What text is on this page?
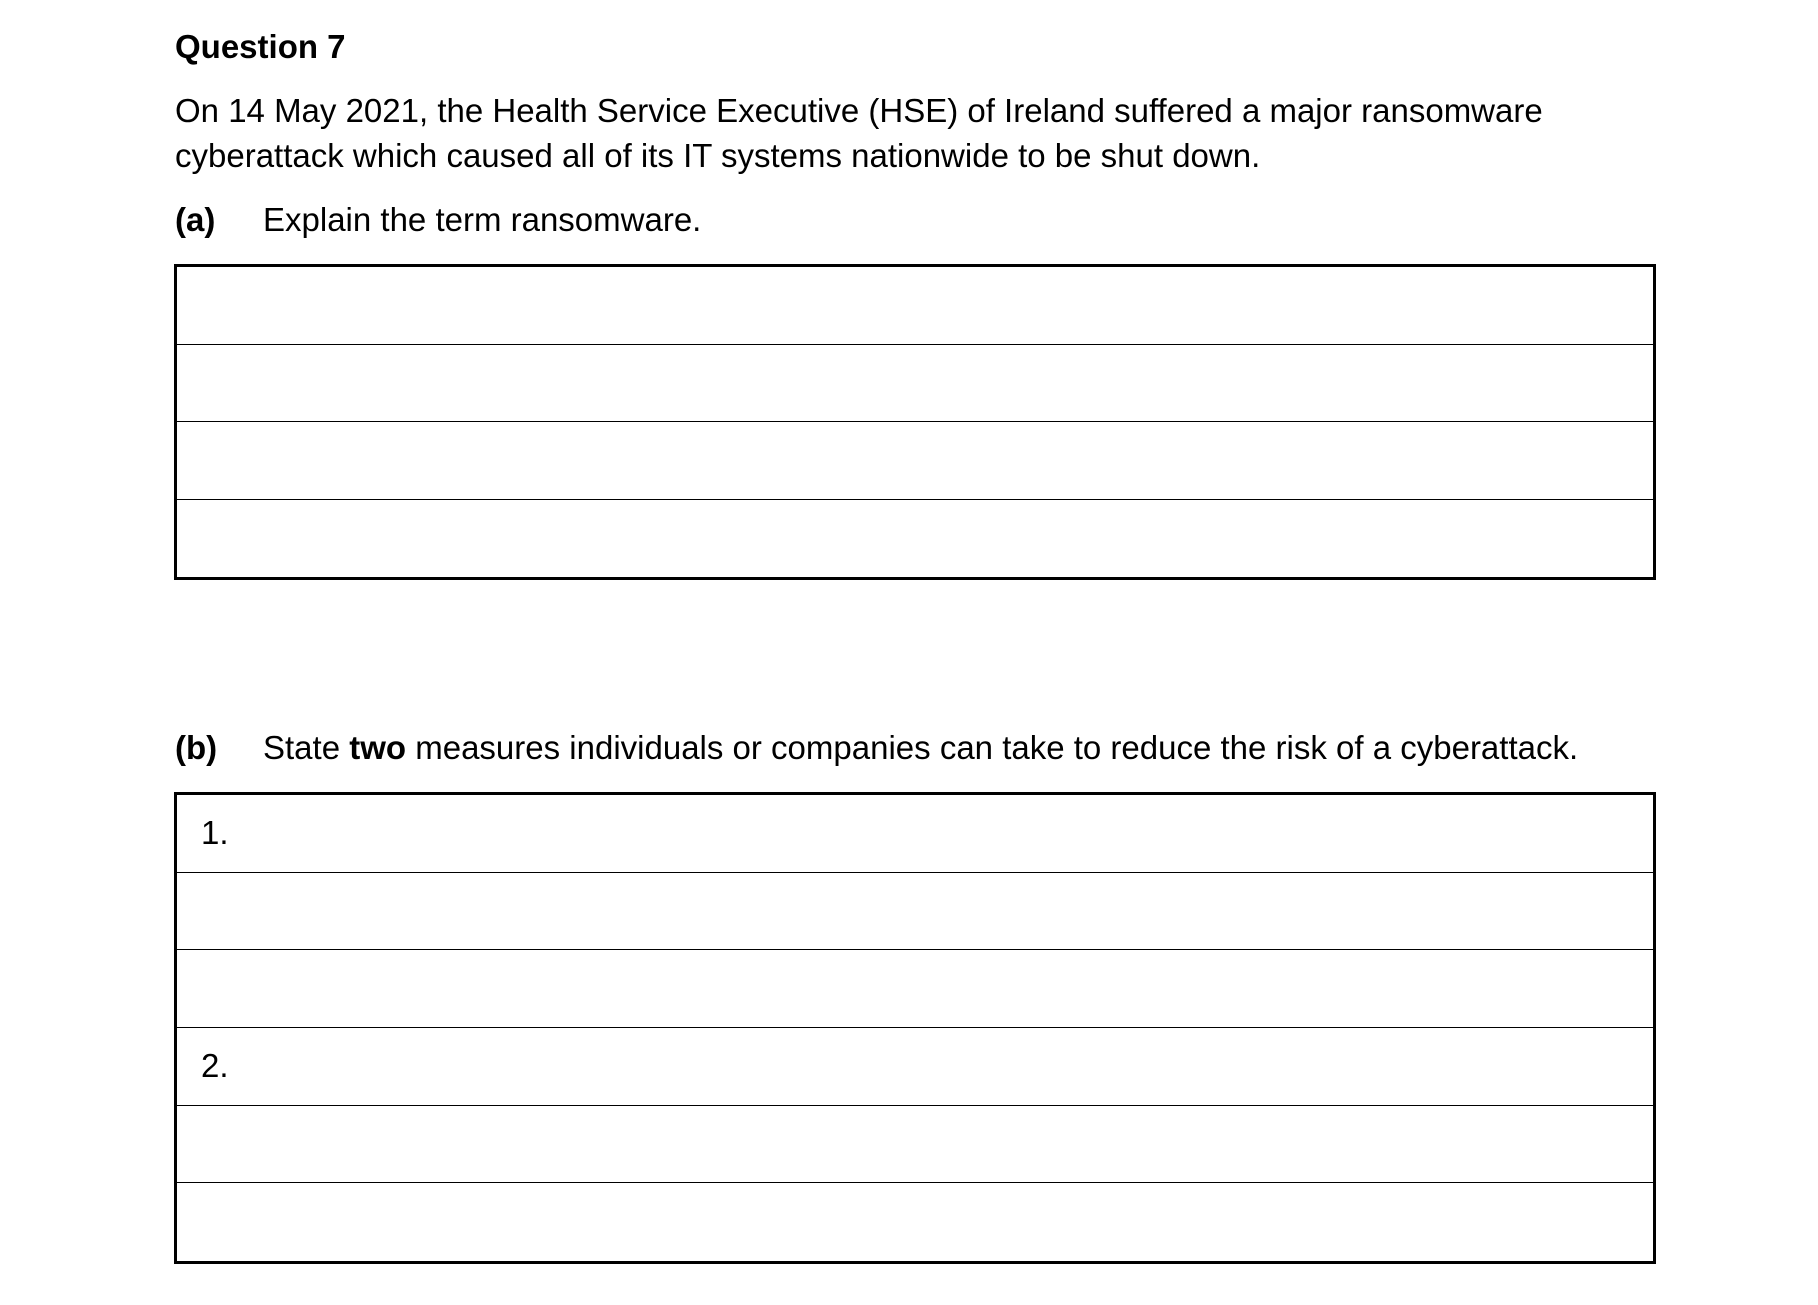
Question 7

On 14 May 2021, the Health Service Executive (HSE) of Ireland suffered a major ransomware cyberattack which caused all of its IT systems nationwide to be shut down.

(a) Explain the term ransomware.

(b) State two measures individuals or companies can take to reduce the risk of a cyberattack.

1.
2.
